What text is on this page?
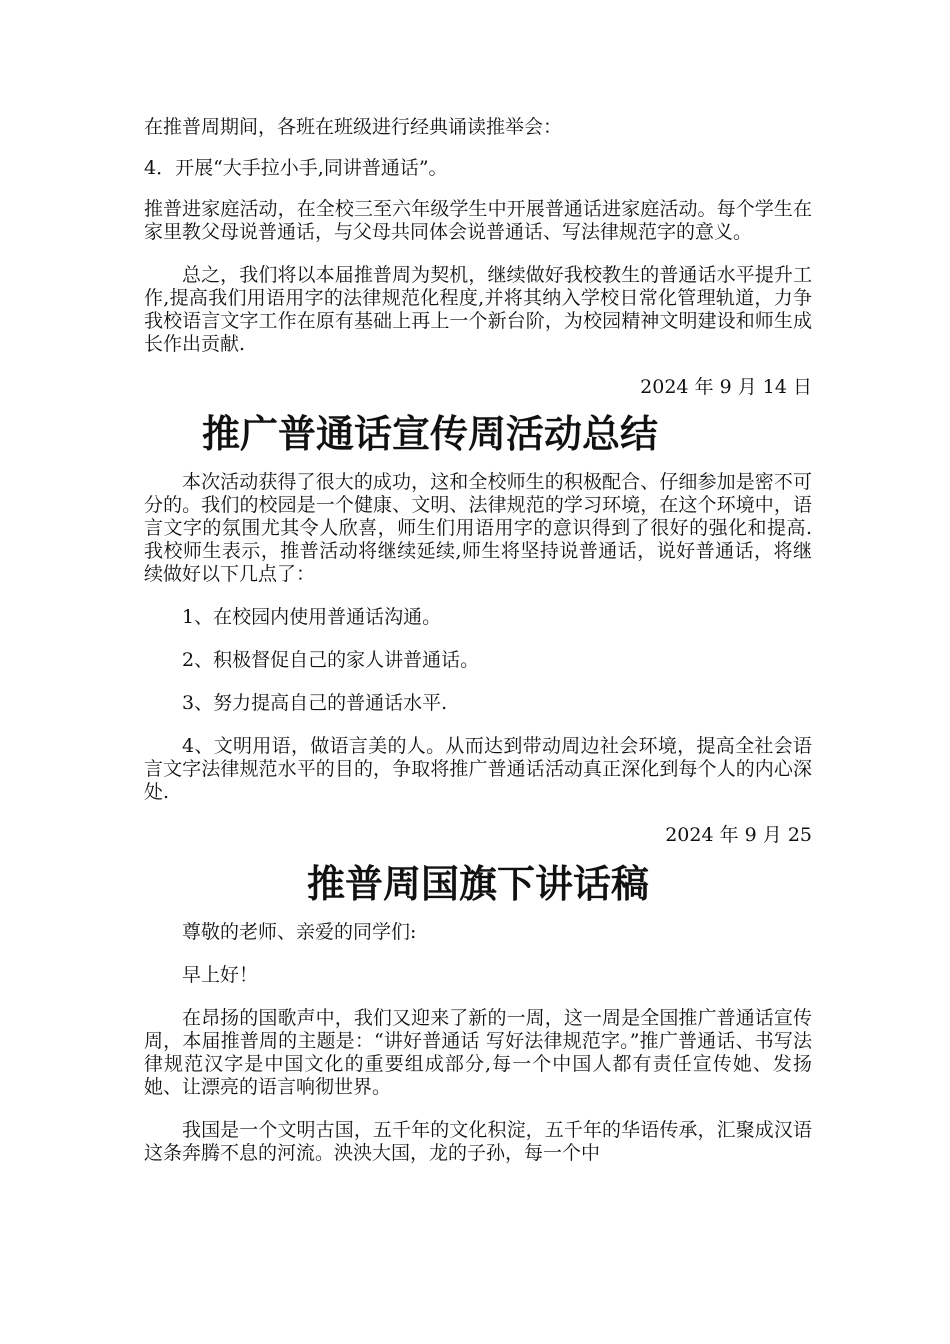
在推普周期间，各班在班级进行经典诵读推举会：

4．开展“大手拉小手,同讲普通话”。

推普进家庭活动，在全校三至六年级学生中开展普通话进家庭活动。每个学生在家里教父母说普通话，与父母共同体会说普通话、写法律规范字的意义。

总之，我们将以本届推普周为契机，继续做好我校教生的普通话水平提升工作,提高我们用语用字的法律规范化程度,并将其纳入学校日常化管理轨道，力争我校语言文字工作在原有基础上再上一个新台阶，为校园精神文明建设和师生成长作出贡献.

2024 年 9 月 14 日

推广普通话宣传周活动总结

本次活动获得了很大的成功，这和全校师生的积极配合、仔细参加是密不可分的。我们的校园是一个健康、文明、法律规范的学习环境，在这个环境中，语言文字的氛围尤其令人欣喜，师生们用语用字的意识得到了很好的强化和提高.我校师生表示，推普活动将继续延续,师生将坚持说普通话，说好普通话，将继续做好以下几点了：

1、在校园内使用普通话沟通。

2、积极督促自己的家人讲普通话。

3、努力提高自己的普通话水平.

4、文明用语，做语言美的人。从而达到带动周边社会环境，提高全社会语言文字法律规范水平的目的，争取将推广普通话活动真正深化到每个人的内心深处.

2024 年 9 月 25

推普周国旗下讲话稿

尊敬的老师、亲爱的同学们:

早上好！

在昂扬的国歌声中，我们又迎来了新的一周，这一周是全国推广普通话宣传周，本届推普周的主题是：“讲好普通话 写好法律规范字。”推广普通话、书写法律规范汉字是中国文化的重要组成部分,每一个中国人都有责任宣传她、发扬她、让漂亮的语言响彻世界。

我国是一个文明古国，五千年的文化积淀，五千年的华语传承，汇聚成汉语这条奔腾不息的河流。泱泱大国，龙的子孙，每一个中
